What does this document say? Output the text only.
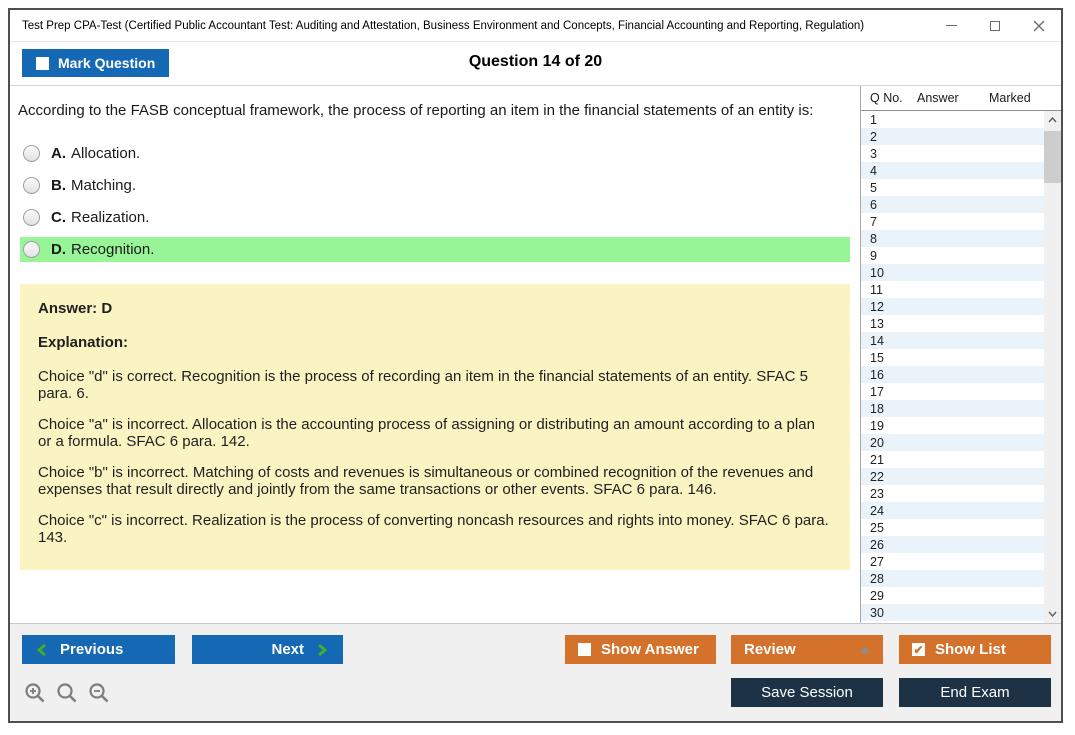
Test Prep CPA-Test (Certified Public Accountant Test: Auditing and Attestation, Business Environment and Concepts, Financial Accounting and Reporting, Regulation)
Mark Question	Question 14 of 20
According to the FASB conceptual framework, the process of reporting an item in the financial statements of an entity is:
A. Allocation.
B. Matching.
C. Realization.
D. Recognition.
Answer: D
Explanation:

Choice "d" is correct. Recognition is the process of recording an item in the financial statements of an entity. SFAC 5 para. 6.

Choice "a" is incorrect. Allocation is the accounting process of assigning or distributing an amount according to a plan or a formula. SFAC 6 para. 142.

Choice "b" is incorrect. Matching of costs and revenues is simultaneous or combined recognition of the revenues and expenses that result directly and jointly from the same transactions or other events. SFAC 6 para. 146.

Choice "c" is incorrect. Realization is the process of converting noncash resources and rights into money. SFAC 6 para. 143.

Q No.	Answer	Marked
1
2
3
4
5
6
7
8
9
10
11
12
13
14
15
16
17
18
19
20
21
22
23
24
25
26
27
28
29
30
Previous	Next	Show Answer	Review	✔ Show List
Save Session	End Exam
